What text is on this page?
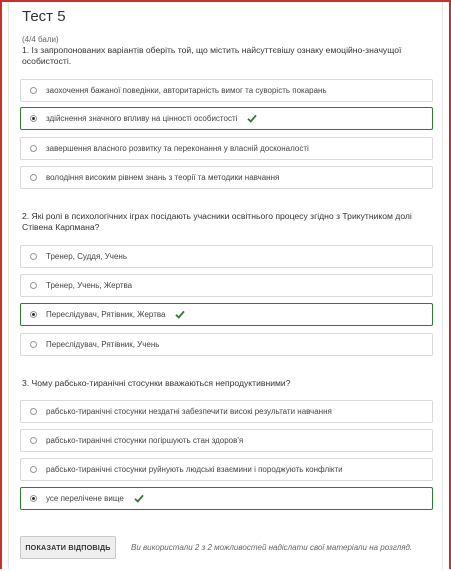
Тест 5
(4/4 бали)
1. Із запропонованих варіантів оберіть той, що містить найсуттєвішу ознаку емоційно-значущої особистості.
заохочення бажаної поведінки, авторитарність вимог та суворість покарань
здійснення значного впливу на цінності особистості
завершення власного розвитку та переконання у власній досконалості
володіння високим рівнем знань з теорії та методики навчання
2. Які ролі в психологічних іграх посідають учасники освітнього процесу згідно з Трикутником долі Стівена Карпмана?
Тренер, Суддя, Учень
Тренер, Учень, Жертва
Переслідувач, Рятівник, Жертва
Переслідувач, Рятівник, Учень
3. Чому рабсько-тиранічні стосунки вважаються непродуктивними?
рабсько-тиранічні стосунки нездатні забезпечити високі результати навчання
рабсько-тиранічні стосунки погіршують стан здоров'я
рабсько-тиранічні стосунки руйнують людські взаємини і породжують конфлікти
усе перелічене вище
ПОКАЗАТИ ВІДПОВІДЬ	Ви використали 2 з 2 можливостей надіслати свої матеріали на розгляд.
